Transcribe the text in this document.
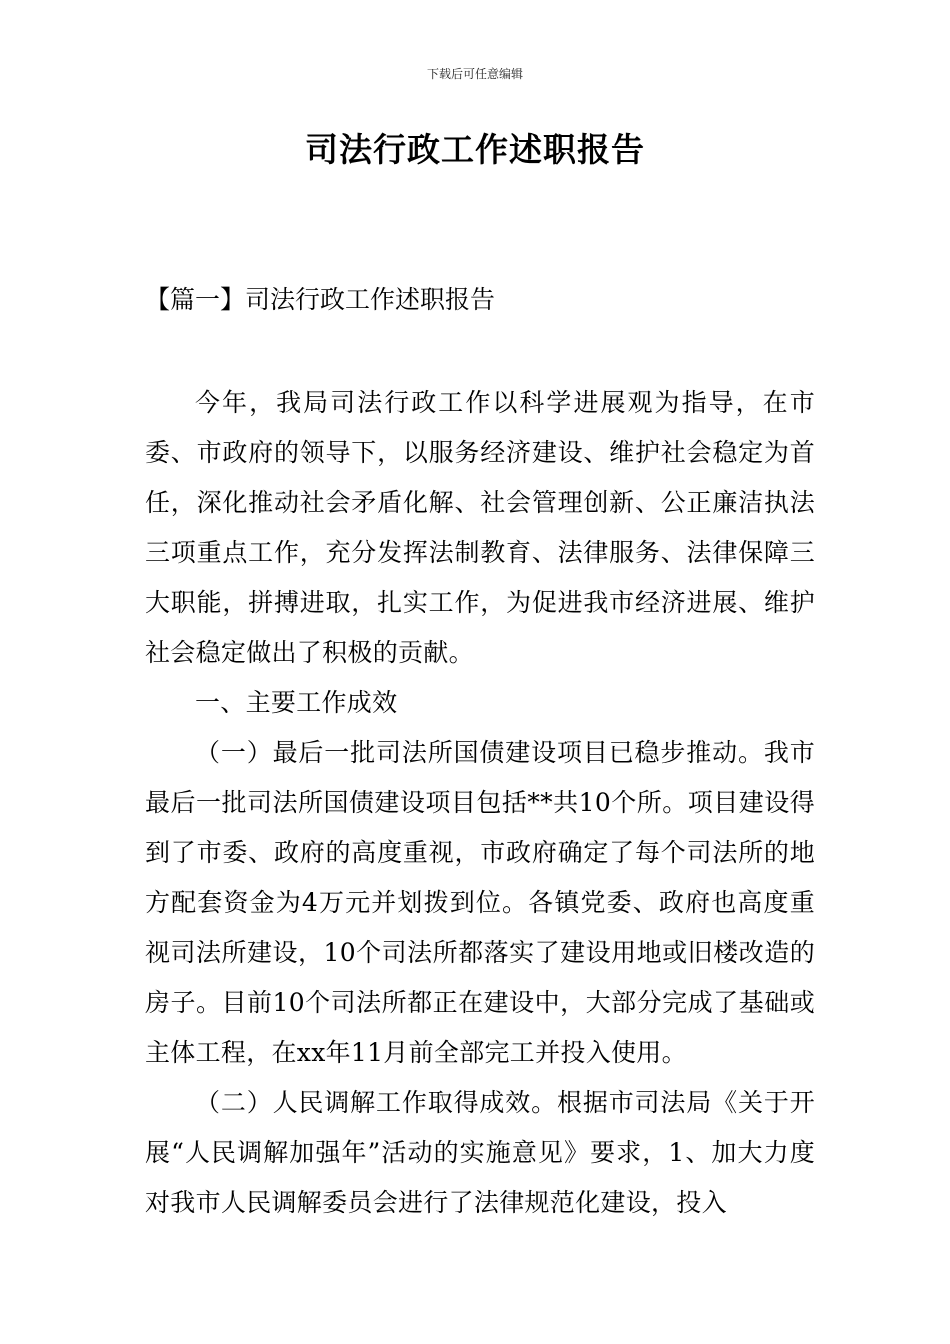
下载后可任意编辑
司法行政工作述职报告
【篇一】司法行政工作述职报告

今年，我局司法行政工作以科学进展观为指导，在市委、市政府的领导下，以服务经济建设、维护社会稳定为首任，深化推动社会矛盾化解、社会管理创新、公正廉洁执法三项重点工作，充分发挥法制教育、法律服务、法律保障三大职能，拼搏进取，扎实工作，为促进我市经济进展、维护社会稳定做出了积极的贡献。

一、主要工作成效

（一）最后一批司法所国债建设项目已稳步推动。我市最后一批司法所国债建设项目包括**共10个所。项目建设得到了市委、政府的高度重视，市政府确定了每个司法所的地方配套资金为4万元并划拨到位。各镇党委、政府也高度重视司法所建设，10个司法所都落实了建设用地或旧楼改造的房子。目前10个司法所都正在建设中，大部分完成了基础或主体工程，在xx年11月前全部完工并投入使用。

（二）人民调解工作取得成效。根据市司法局《关于开展“人民调解加强年”活动的实施意见》要求，1、加大力度对我市人民调解委员会进行了法律规范化建设，投入
